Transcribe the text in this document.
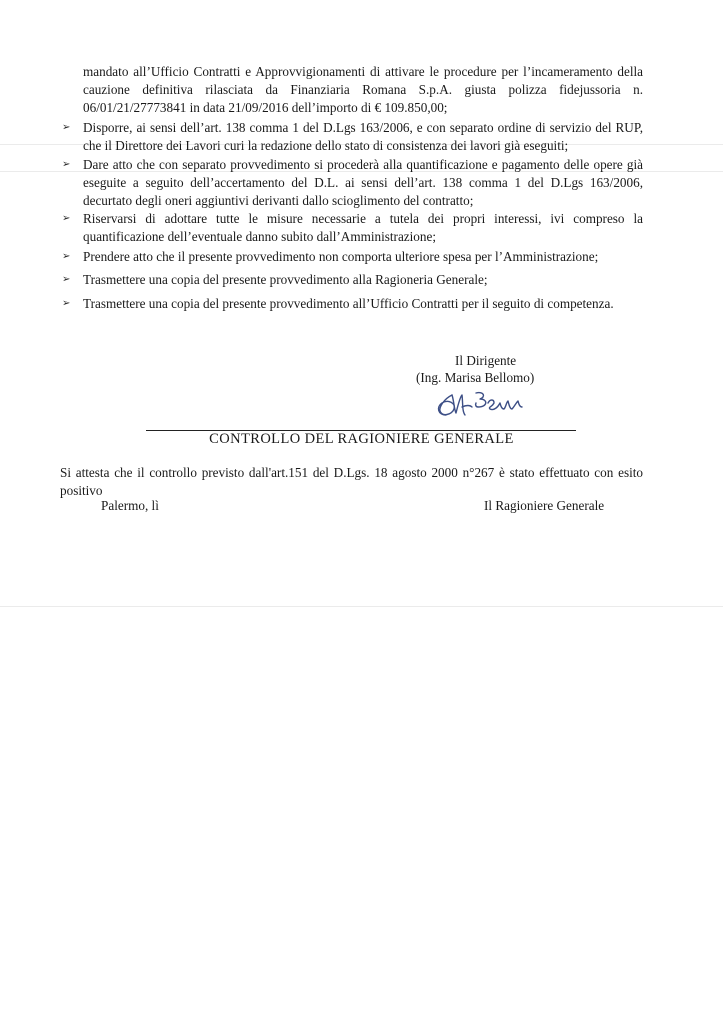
mandato all’Ufficio Contratti e Approvvigionamenti di attivare le procedure per l’incameramento della cauzione definitiva rilasciata da Finanziaria Romana S.p.A. giusta polizza fidejussoria n. 06/01/21/27773841 in data 21/09/2016 dell’importo di € 109.850,00;

➢ Disporre, ai sensi dell’art. 138 comma 1 del D.Lgs 163/2006, e con separato ordine di servizio del RUP, che il Direttore dei Lavori curi la redazione dello stato di consistenza dei lavori già eseguiti;

➢ Dare atto che con separato provvedimento si procederà alla quantificazione e pagamento delle opere già eseguite a seguito dell’accertamento del D.L. ai sensi dell’art. 138 comma 1 del D.Lgs 163/2006, decurtato degli oneri aggiuntivi derivanti dallo scioglimento del contratto;

➢ Riservarsi di adottare tutte le misure necessarie a tutela dei propri interessi, ivi compreso la quantificazione dell’eventuale danno subito dall’Amministrazione;

➢ Prendere atto che il presente provvedimento non comporta ulteriore spesa per l’Amministrazione;

➢ Trasmettere una copia del presente provvedimento alla Ragioneria Generale;

➢ Trasmettere una copia del presente provvedimento all’Ufficio Contratti per il seguito di competenza.

Il Dirigente
(Ing. Marisa Bellomo)
CONTROLLO DEL RAGIONIERE GENERALE

Si attesta che il controllo previsto dall'art.151 del D.Lgs. 18 agosto 2000 n°267 è stato effettuato con esito positivo

Palermo, lì	Il Ragioniere Generale
